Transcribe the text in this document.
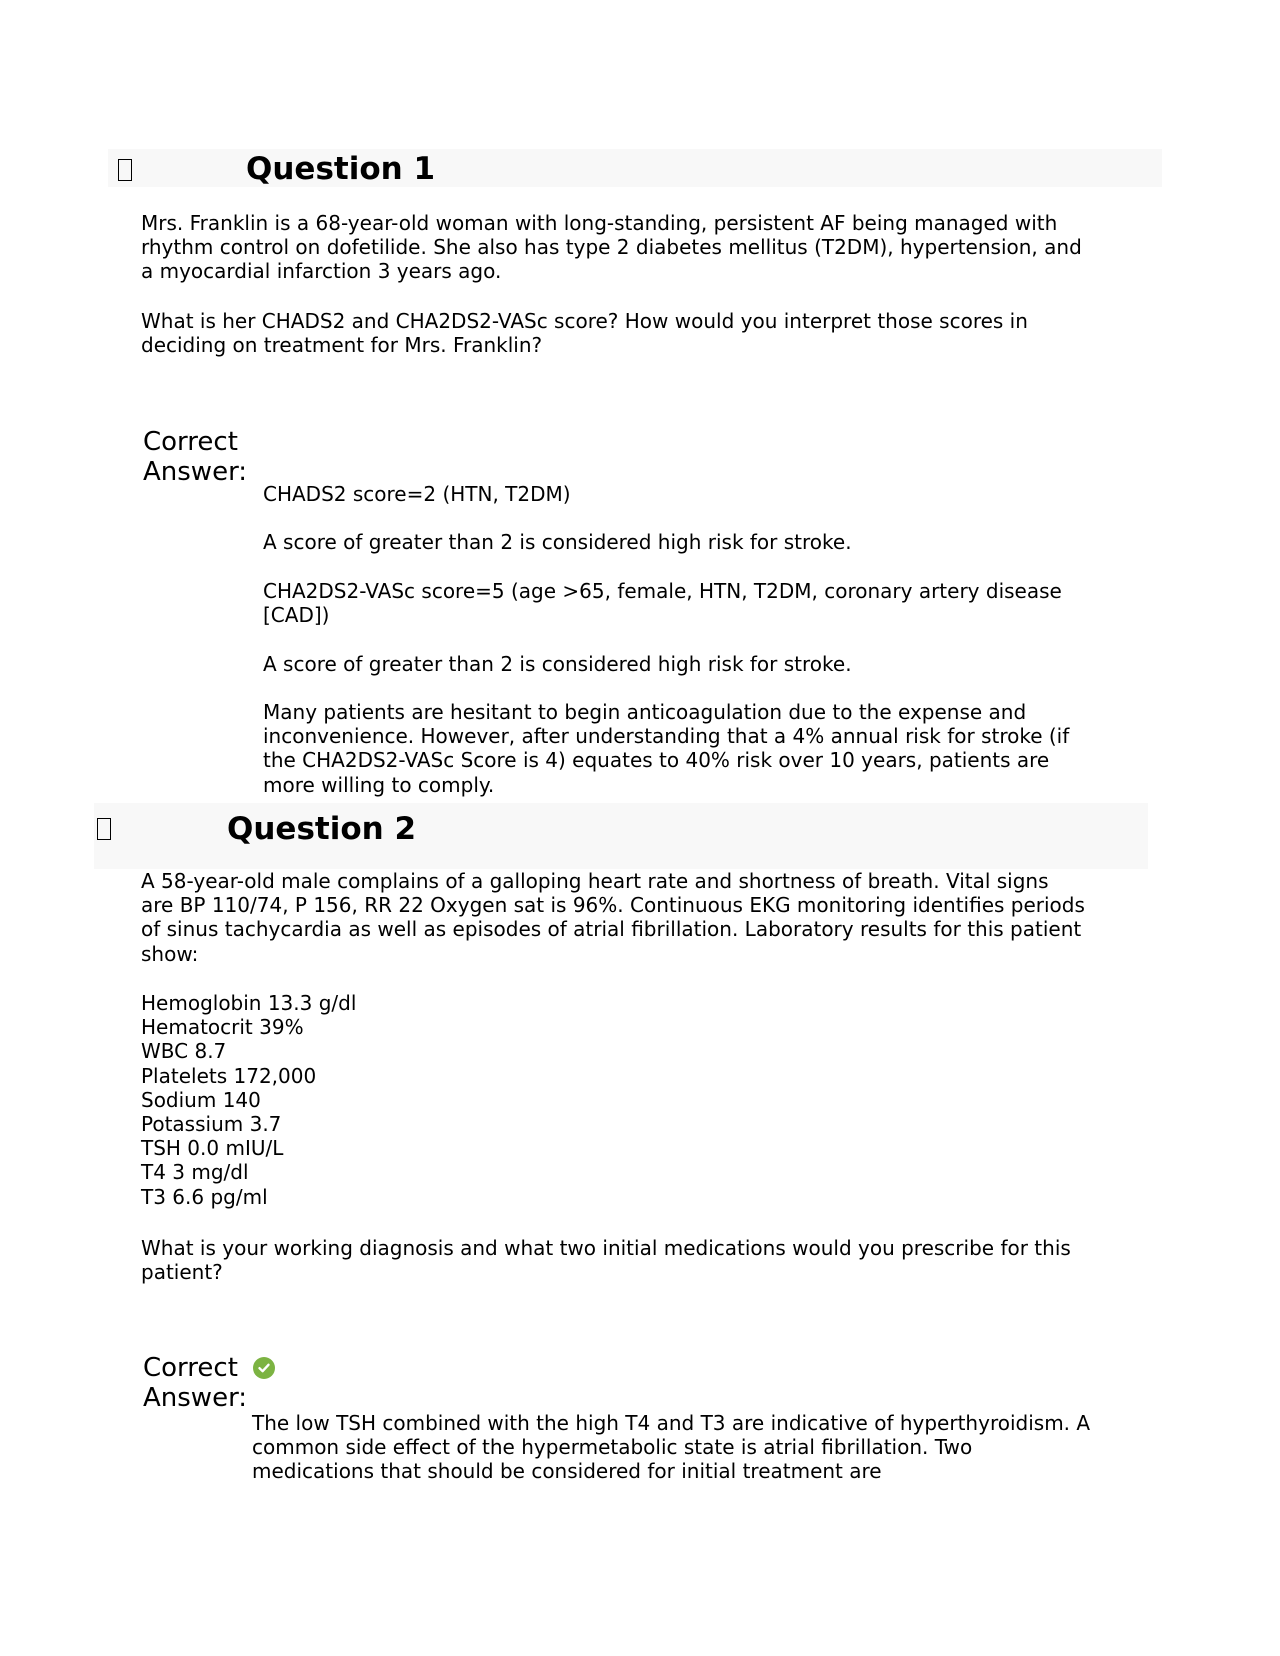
Question 1

Mrs. Franklin is a 68-year-old woman with long-standing, persistent AF being managed with rhythm control on dofetilide. She also has type 2 diabetes mellitus (T2DM), hypertension, and a myocardial infarction 3 years ago.

What is her CHADS2 and CHA2DS2-VASc score? How would you interpret those scores in deciding on treatment for Mrs. Franklin?

Correct
Answer:

CHADS2 score=2 (HTN, T2DM)

A score of greater than 2 is considered high risk for stroke.

CHA2DS2-VASc score=5 (age >65, female, HTN, T2DM, coronary artery disease [CAD])

A score of greater than 2 is considered high risk for stroke.

Many patients are hesitant to begin anticoagulation due to the expense and inconvenience. However, after understanding that a 4% annual risk for stroke (if the CHA2DS2-VASc Score is 4) equates to 40% risk over 10 years, patients are more willing to comply.

Question 2

A 58-year-old male complains of a galloping heart rate and shortness of breath. Vital signs are BP 110/74, P 156, RR 22 Oxygen sat is 96%. Continuous EKG monitoring identifies periods of sinus tachycardia as well as episodes of atrial fibrillation. Laboratory results for this patient show:

Hemoglobin 13.3 g/dl
Hematocrit 39%
WBC 8.7
Platelets 172,000
Sodium 140
Potassium 3.7
TSH 0.0 mIU/L
T4 3 mg/dl
T3 6.6 pg/ml

What is your working diagnosis and what two initial medications would you prescribe for this patient?

Correct
Answer:

The low TSH combined with the high T4 and T3 are indicative of hyperthyroidism. A common side effect of the hypermetabolic state is atrial fibrillation. Two medications that should be considered for initial treatment are
